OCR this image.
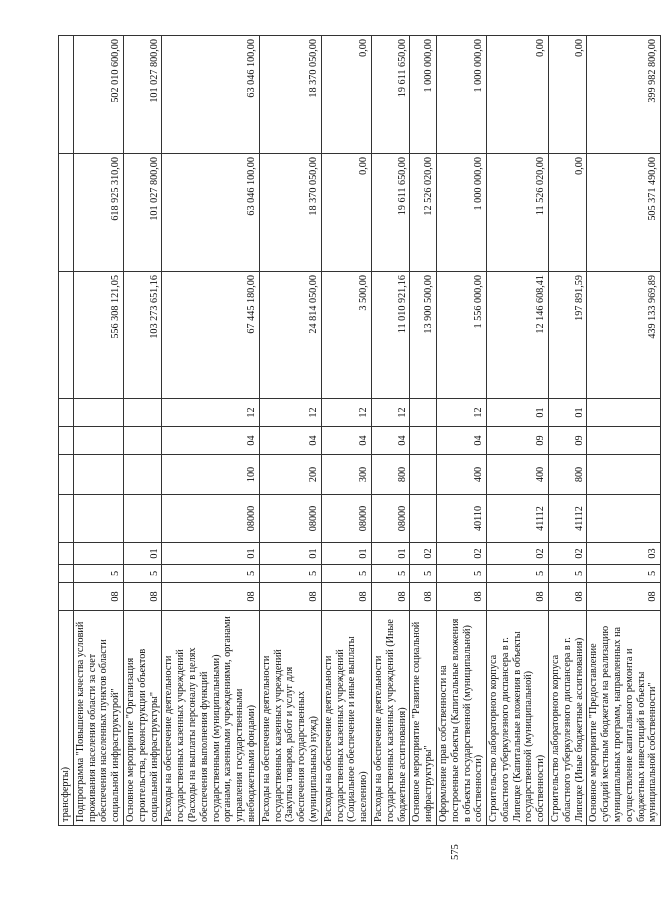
575
трансферты)										
Подпрограмма "Повышение качества условий проживания населения области за счет обеспечения населенных пунктов области социальной инфраструктурой"	08	5						556 308 121,05	618 925 310,00	502 010 600,00
Основное мероприятие "Организация строительства, реконструкции объектов социальной инфраструктуры"	08	5	01					103 273 651,16	101 027 800,00	101 027 800,00
Расходы на обеспечение деятельности государственных казенных учреждений (Расходы на выплаты персоналу в целях обеспечения выполнения функций государственными (муниципальными) органами, казенными учреждениями, органами управления государственными внебюджетными фондами)	08	5	01	08000	100	04	12	67 445 180,00	63 046 100,00	63 046 100,00
Расходы на обеспечение деятельности государственных казенных учреждений (Закупка товаров, работ и услуг для обеспечения государственных (муниципальных) нужд)	08	5	01	08000	200	04	12	24 814 050,00	18 370 050,00	18 370 050,00
Расходы на обеспечение деятельности государственных казенных учреждений (Социальное обеспечение и иные выплаты населению)	08	5	01	08000	300	04	12	3 500,00	0,00	0,00
Расходы на обеспечение деятельности государственных казенных учреждений (Иные бюджетные ассигнования)	08	5	01	08000	800	04	12	11 010 921,16	19 611 650,00	19 611 650,00
Основное мероприятие "Развитие социальной инфраструктуры"	08	5	02					13 900 500,00	12 526 020,00	1 000 000,00
Оформление прав собственности на построенные объекты (Капитальные вложения в объекты государственной (муниципальной) собственности)	08	5	02	40110	400	04	12	1 556 000,00	1 000 000,00	1 000 000,00
Строительство лабораторного корпуса областного туберкулезного диспансера в г. Липецке (Капитальные вложения в объекты государственной (муниципальной) собственности)	08	5	02	41112	400	09	01	12 146 608,41	11 526 020,00	0,00
Строительство лабораторного корпуса областного туберкулезного диспансера в г. Липецке (Иные бюджетные ассигнования)	08	5	02	41112	800	09	01	197 891,59	0,00	0,00
Основное мероприятие "Предоставление субсидий местным бюджетам на реализацию муниципальных программ, направленных на осуществление капитального ремонта и бюджетных инвестиций в объекты муниципальной собственности"	08	5	03					439 133 969,89	505 371 490,00	399 982 800,00
